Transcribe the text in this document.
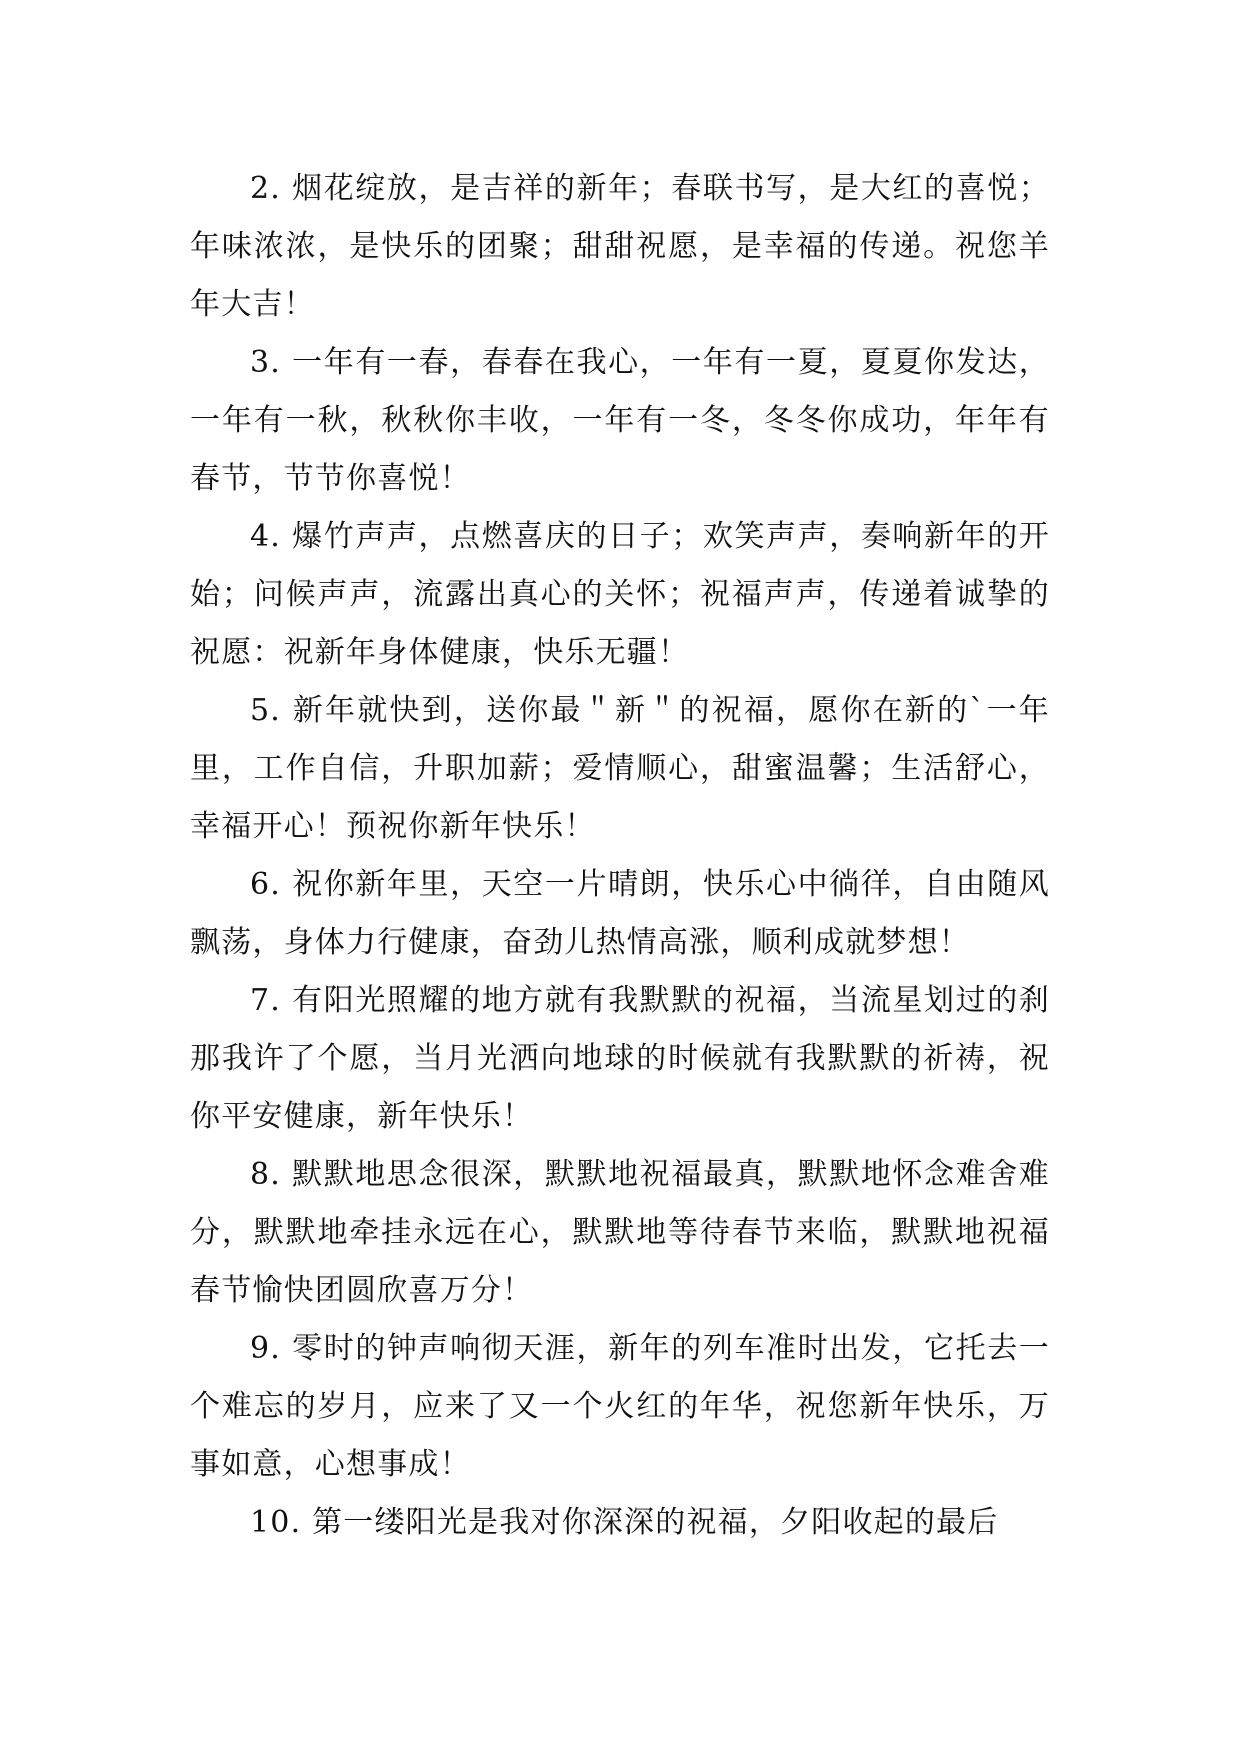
2. 烟花绽放，是吉祥的新年；春联书写，是大红的喜悦；年味浓浓，是快乐的团聚；甜甜祝愿，是幸福的传递。祝您羊年大吉！

3. 一年有一春，春春在我心，一年有一夏，夏夏你发达，一年有一秋，秋秋你丰收，一年有一冬，冬冬你成功，年年有春节，节节你喜悦！

4. 爆竹声声，点燃喜庆的日子；欢笑声声，奏响新年的开始；问候声声，流露出真心的关怀；祝福声声，传递着诚挚的祝愿：祝新年身体健康，快乐无疆！

5. 新年就快到，送你最＂新＂的祝福，愿你在新的`一年里，工作自信，升职加薪；爱情顺心，甜蜜温馨；生活舒心，幸福开心！预祝你新年快乐！

6. 祝你新年里，天空一片晴朗，快乐心中徜徉，自由随风飘荡，身体力行健康，奋劲儿热情高涨，顺利成就梦想！

7. 有阳光照耀的地方就有我默默的祝福，当流星划过的刹那我许了个愿，当月光洒向地球的时候就有我默默的祈祷，祝你平安健康，新年快乐！

8. 默默地思念很深，默默地祝福最真，默默地怀念难舍难分，默默地牵挂永远在心，默默地等待春节来临，默默地祝福春节愉快团圆欣喜万分！

9. 零时的钟声响彻天涯，新年的列车准时出发，它托去一个难忘的岁月，应来了又一个火红的年华，祝您新年快乐，万事如意，心想事成！

10. 第一缕阳光是我对你深深的祝福，夕阳收起的最后
